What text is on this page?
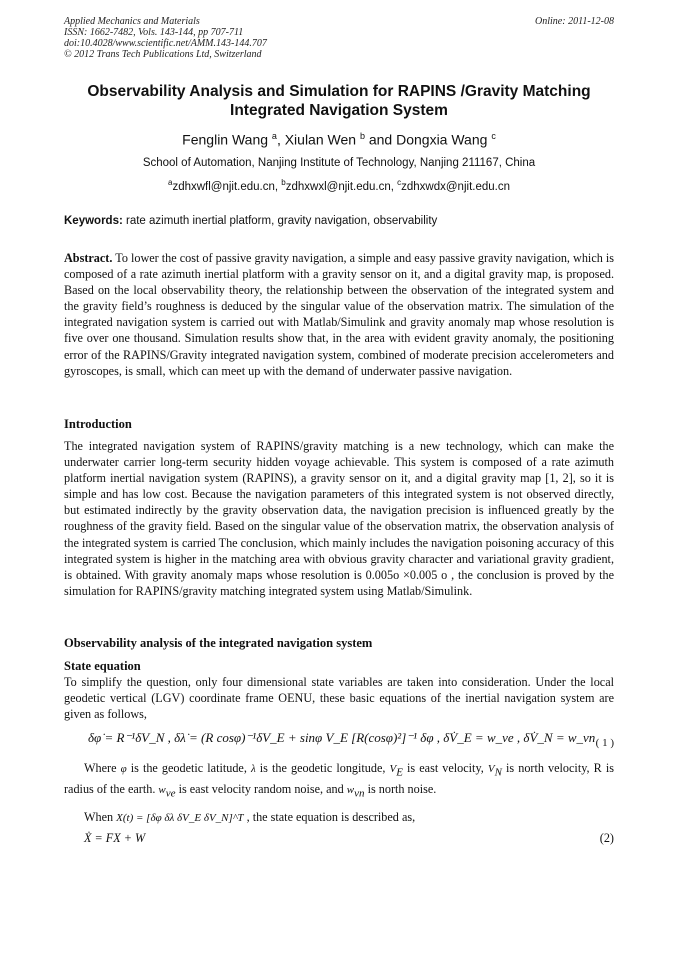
Applied Mechanics and Materials
ISSN: 1662-7482, Vols. 143-144, pp 707-711
doi:10.4028/www.scientific.net/AMM.143-144.707
© 2012 Trans Tech Publications Ltd, Switzerland
Online: 2011-12-08
Observability Analysis and Simulation for RAPINS /Gravity Matching
Integrated Navigation System
Fenglin Wang $^a$, Xiulan Wen $^b$ and Dongxia Wang $^c$
School of Automation, Nanjing Institute of Technology, Nanjing 211167, China
$^a$zdhxwfl@njit.edu.cn, $^b$zdhxwxl@njit.edu.cn, $^c$zdhxwdx@njit.edu.cn
Keywords: rate azimuth inertial platform, gravity navigation, observability
Abstract. To lower the cost of passive gravity navigation, a simple and easy passive gravity navigation, which is composed of a rate azimuth inertial platform with a gravity sensor on it, and a digital gravity map, is proposed. Based on the local observability theory, the relationship between the observation of the integrated system and the gravity field’s roughness is deduced by the singular value of the observation matrix. The simulation of the integrated navigation system is carried out with Matlab/Simulink and gravity anomaly map whose resolution is five over one thousand. Simulation results show that, in the area with evident gravity anomaly, the positioning error of the RAPINS/Gravity integrated navigation system, combined of moderate precision accelerometers and gyroscopes, is small, which can meet up with the demand of underwater passive navigation.
Introduction
The integrated navigation system of RAPINS/gravity matching is a new technology, which can make the underwater carrier long-term security hidden voyage achievable. This system is composed of a rate azimuth platform inertial navigation system (RAPINS), a gravity sensor on it, and a digital gravity map [1, 2], so it is simple and has low cost. Because the navigation parameters of this integrated system is not observed directly, but estimated indirectly by the gravity observation data, the navigation precision is influenced greatly by the roughness of the gravity field. Based on the singular value of the observation matrix, the observation analysis of the integrated system is carried The conclusion, which mainly includes the navigation poisoning accuracy of this integrated system is higher in the matching area with obvious gravity character and variational gravity gradient, is obtained. With gravity anomaly maps whose resolution is 0.005o ×0.005 o , the conclusion is proved by the simulation for RAPINS/gravity matching integrated system using Matlab/Simulink.
Observability analysis of the integrated navigation system
State equation
To simplify the question, only four dimensional state variables are taken into consideration. Under the local geodetic vertical (LGV) coordinate frame OENU, these basic equations of the inertial navigation system are given as follows,
δφ̇ = R⁻¹δV_N , δλ̇ = (R cosφ)⁻¹δV_E + sinφ V_E [R(cosφ)²]⁻¹ δφ , δV̇_E = w_ve , δV̇_N = w_vn ( 1 )
Where φ is the geodetic latitude, λ is the geodetic longitude, $V_E$ is east velocity, $V_N$ is north velocity, R is radius of the earth. $w_{ve}$ is east velocity random noise, and $w_{vn}$ is north noise.
When X(t) = [δφ δλ δV_E δV_N]^T , the state equation is described as,
Ẋ = FX + W	(2)
